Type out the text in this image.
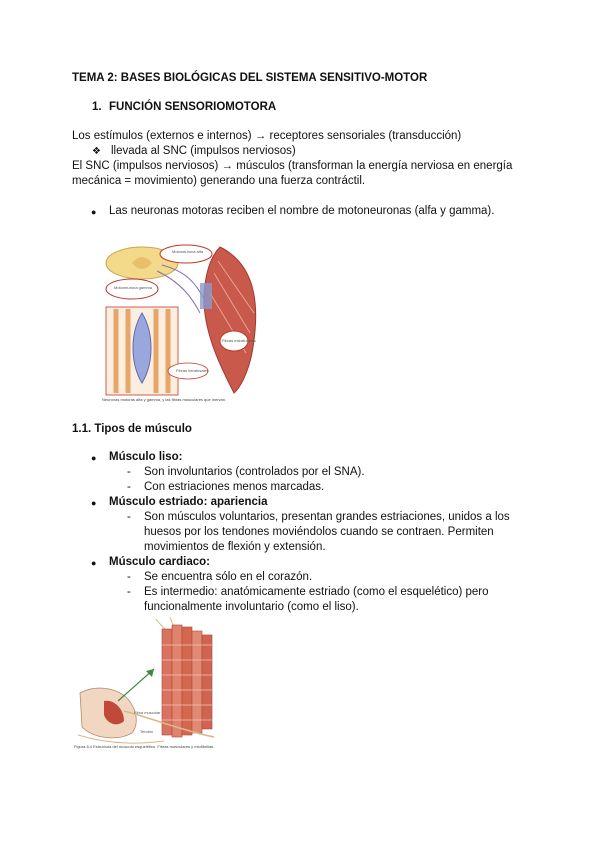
TEMA 2: BASES BIOLÓGICAS DEL SISTEMA SENSITIVO-MOTOR
1. FUNCIÓN SENSORIOMOTORA
Los estímulos (externos e internos) → receptores sensoriales (transducción)
❖ llevada al SNC (impulsos nerviosos)
El SNC (impulsos nerviosos) → músculos (transforman la energía nerviosa en energía
mecánica = movimiento) generando una fuerza contráctil.
● Las neuronas motoras reciben el nombre de motoneuronas (alfa y gamma).
Motoneurona alfa
Motoneurona gamma
Fibras extrafusales
Fibras intrafusales
Neuronas motoras alfa y gamma, y las fibras musculares que inervan.
1.1. Tipos de músculo
● Músculo liso:
- Son involuntarios (controlados por el SNA).
- Con estriaciones menos marcadas.
● Músculo estriado: apariencia
- Son músculos voluntarios, presentan grandes estriaciones, unidos a los
huesos por los tendones moviéndolos cuando se contraen. Permiten
movimientos de flexión y extensión.
● Músculo cardiaco:
- Se encuentra sólo en el corazón.
- Es intermedio: anatómicamente estriado (como el esquelético) pero
funcionalmente involuntario (como el liso).
Fibra muscular
Tendón
Figura 8.4 Estructura del músculo esquelético. Fibras musculares y miofibrillas.
